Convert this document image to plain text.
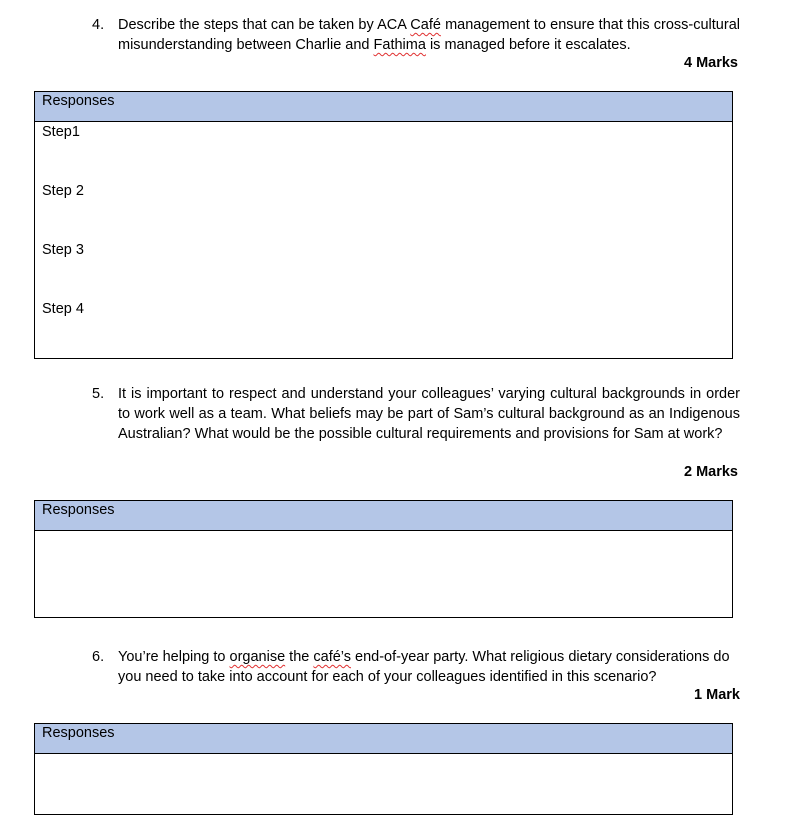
4. Describe the steps that can be taken by ACA Café management to ensure that this cross-cultural misunderstanding between Charlie and Fathima is managed before it escalates.
4 Marks
Responses

Step1
Step 2
Step 3
Step 4
5. It is important to respect and understand your colleagues’ varying cultural backgrounds in order to work well as a team. What beliefs may be part of Sam’s cultural background as an Indigenous Australian? What would be the possible cultural requirements and provisions for Sam at work?
2 Marks
Responses

6. You’re helping to organise the café’s end-of-year party. What religious dietary considerations do you need to take into account for each of your colleagues identified in this scenario?
1 Mark
Responses
